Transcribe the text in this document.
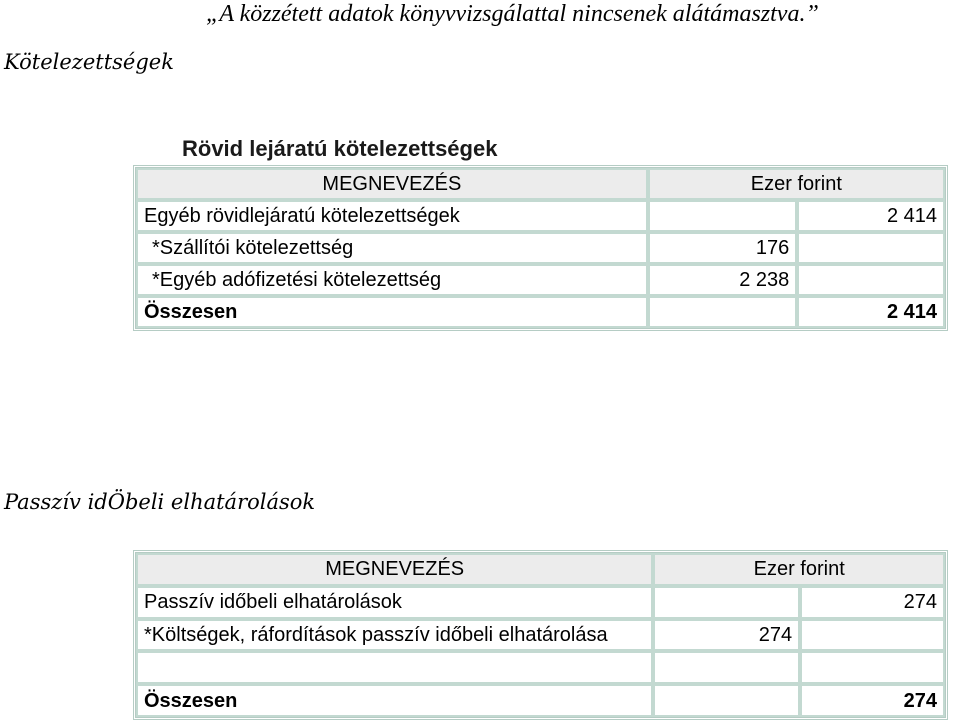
„A közzétett adatok könyvvizsgálattal nincsenek alátámasztva.”
Kötelezettségek
Rövid lejáratú kötelezettségek
MEGNEVEZÉS	Ezer forint	
Egyéb rövidlejáratú kötelezettségek		2 414
*Szállítói kötelezettség	176	
*Egyéb adófizetési kötelezettség	2 238	
Összesen		2 414
Passzív idÖbeli elhatárolások
MEGNEVEZÉS	Ezer forint	
Passzív időbeli elhatárolások		274
*Költségek, ráfordítások passzív időbeli elhatárolása	274	

Összesen		274
